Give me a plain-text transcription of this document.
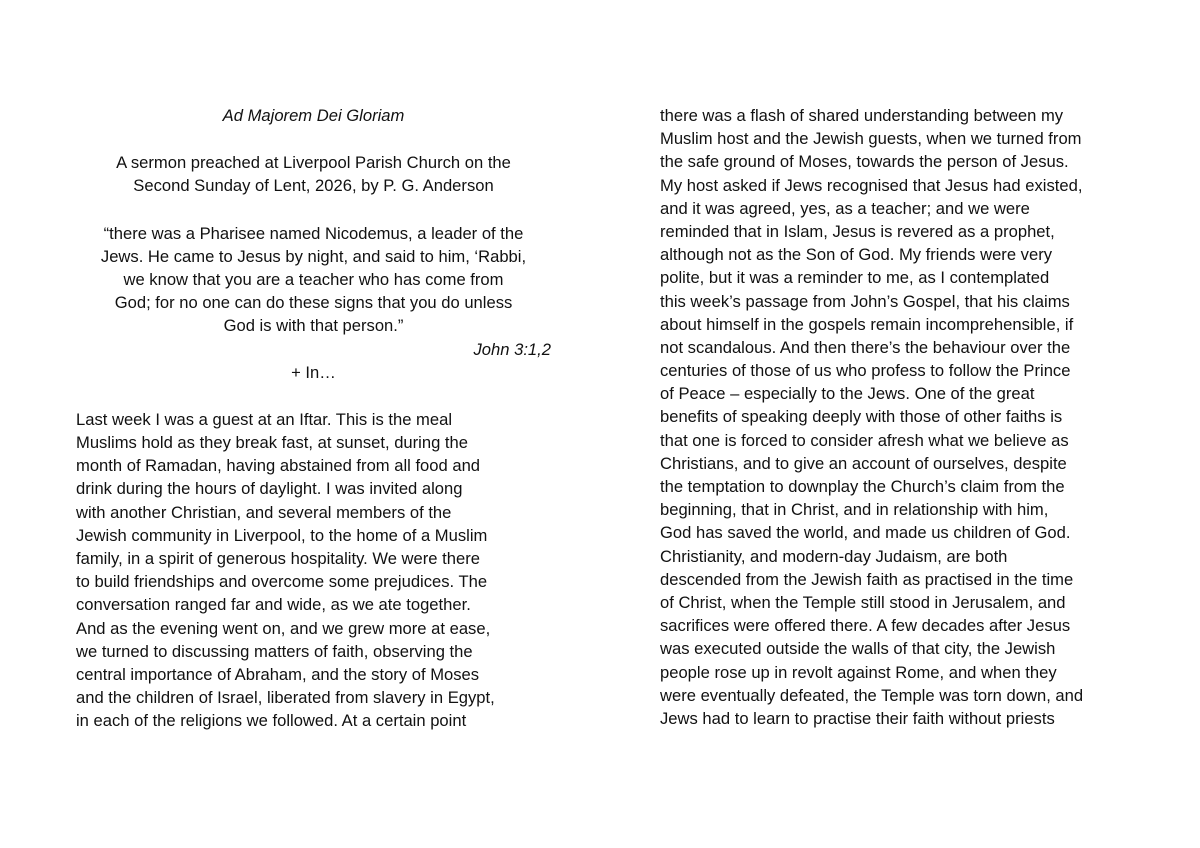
Ad Majorem Dei Gloriam
A sermon preached at Liverpool Parish Church on the
Second Sunday of Lent, 2026, by P. G. Anderson
“there was a Pharisee named Nicodemus, a leader of the
Jews. He came to Jesus by night, and said to him, ‘Rabbi,
we know that you are a teacher who has come from
God; for no one can do these signs that you do unless
God is with that person.”
John 3:1,2
+ In…
Last week I was a guest at an Iftar. This is the meal
Muslims hold as they break fast, at sunset, during the
month of Ramadan, having abstained from all food and
drink during the hours of daylight. I was invited along
with another Christian, and several members of the
Jewish community in Liverpool, to the home of a Muslim
family, in a spirit of generous hospitality. We were there
to build friendships and overcome some prejudices. The
conversation ranged far and wide, as we ate together.
And as the evening went on, and we grew more at ease,
we turned to discussing matters of faith, observing the
central importance of Abraham, and the story of Moses
and the children of Israel, liberated from slavery in Egypt,
in each of the religions we followed. At a certain point
there was a flash of shared understanding between my
Muslim host and the Jewish guests, when we turned from
the safe ground of Moses, towards the person of Jesus.
My host asked if Jews recognised that Jesus had existed,
and it was agreed, yes, as a teacher; and we were
reminded that in Islam, Jesus is revered as a prophet,
although not as the Son of God. My friends were very
polite, but it was a reminder to me, as I contemplated
this week’s passage from John’s Gospel, that his claims
about himself in the gospels remain incomprehensible, if
not scandalous. And then there’s the behaviour over the
centuries of those of us who profess to follow the Prince
of Peace – especially to the Jews. One of the great
benefits of speaking deeply with those of other faiths is
that one is forced to consider afresh what we believe as
Christians, and to give an account of ourselves, despite
the temptation to downplay the Church’s claim from the
beginning, that in Christ, and in relationship with him,
God has saved the world, and made us children of God.
Christianity, and modern-day Judaism, are both
descended from the Jewish faith as practised in the time
of Christ, when the Temple still stood in Jerusalem, and
sacrifices were offered there. A few decades after Jesus
was executed outside the walls of that city, the Jewish
people rose up in revolt against Rome, and when they
were eventually defeated, the Temple was torn down, and
Jews had to learn to practise their faith without priests
